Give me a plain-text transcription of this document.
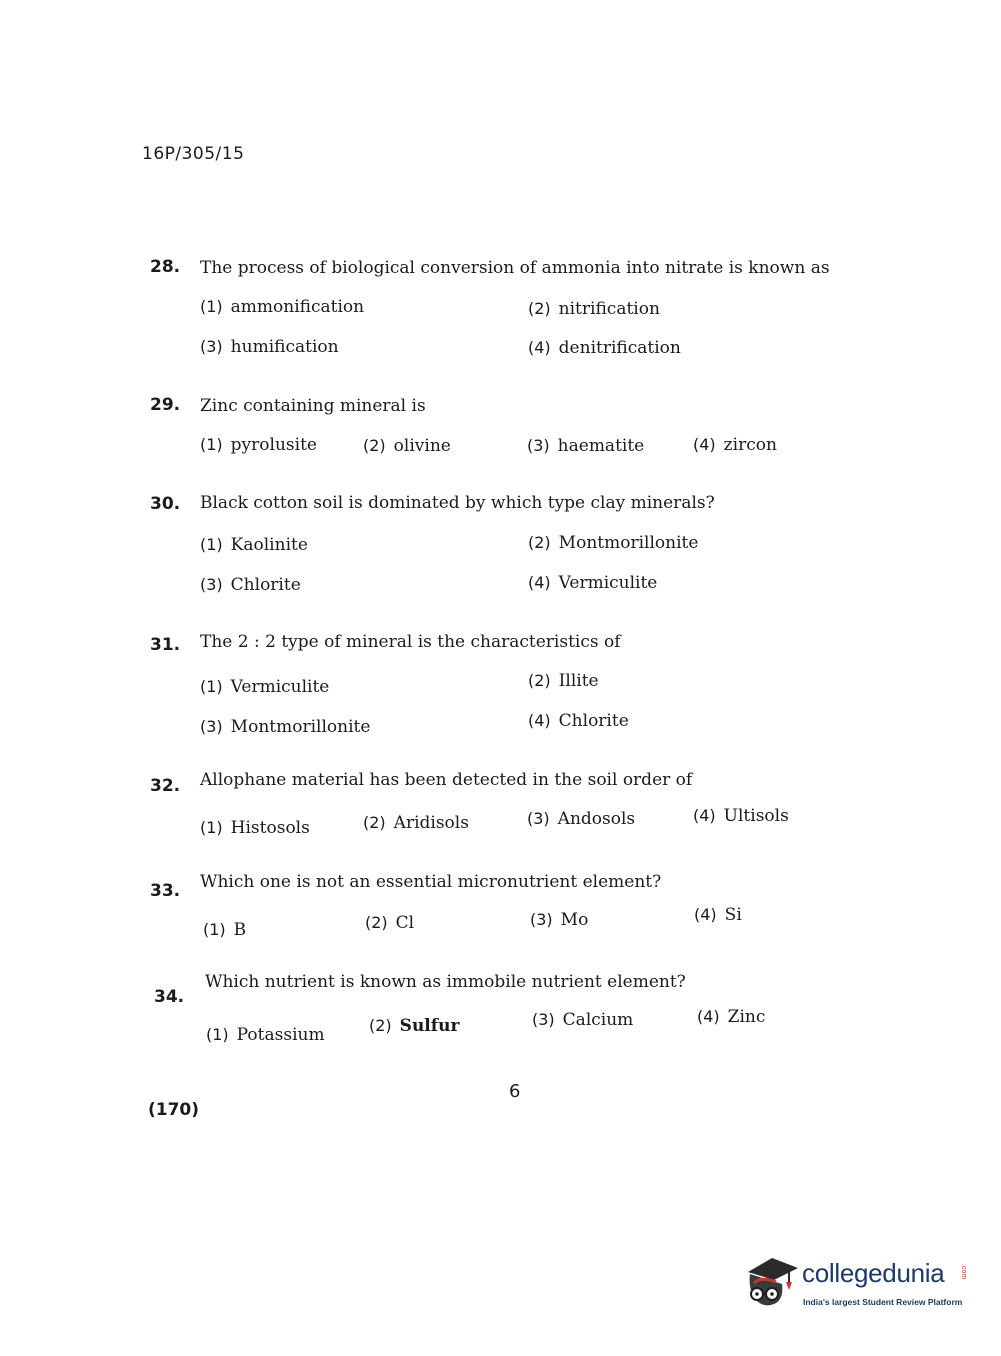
16P/305/15
28. The process of biological conversion of ammonia into nitrate is known as
(1) ammonification	(2) nitrification
(3) humification	(4) denitrification
29. Zinc containing mineral is
(1) pyrolusite	(2) olivine	(3) haematite	(4) zircon
30. Black cotton soil is dominated by which type clay minerals?
(1) Kaolinite	(2) Montmorillonite
(3) Chlorite	(4) Vermiculite
31. The 2 : 2 type of mineral is the characteristics of
(1) Vermiculite	(2) Illite
(3) Montmorillonite	(4) Chlorite
32. Allophane material has been detected in the soil order of
(1) Histosols	(2) Aridisols	(3) Andosols	(4) Ultisols
33. Which one is not an essential micronutrient element?
(1) B	(2) Cl	(3) Mo	(4) Si
34.
Which nutrient is known as immobile nutrient element?
(1) Potassium	(2) Sulfur	(3) Calcium	(4) Zinc
6
(170)
collegedunia .com
India's largest Student Review Platform
